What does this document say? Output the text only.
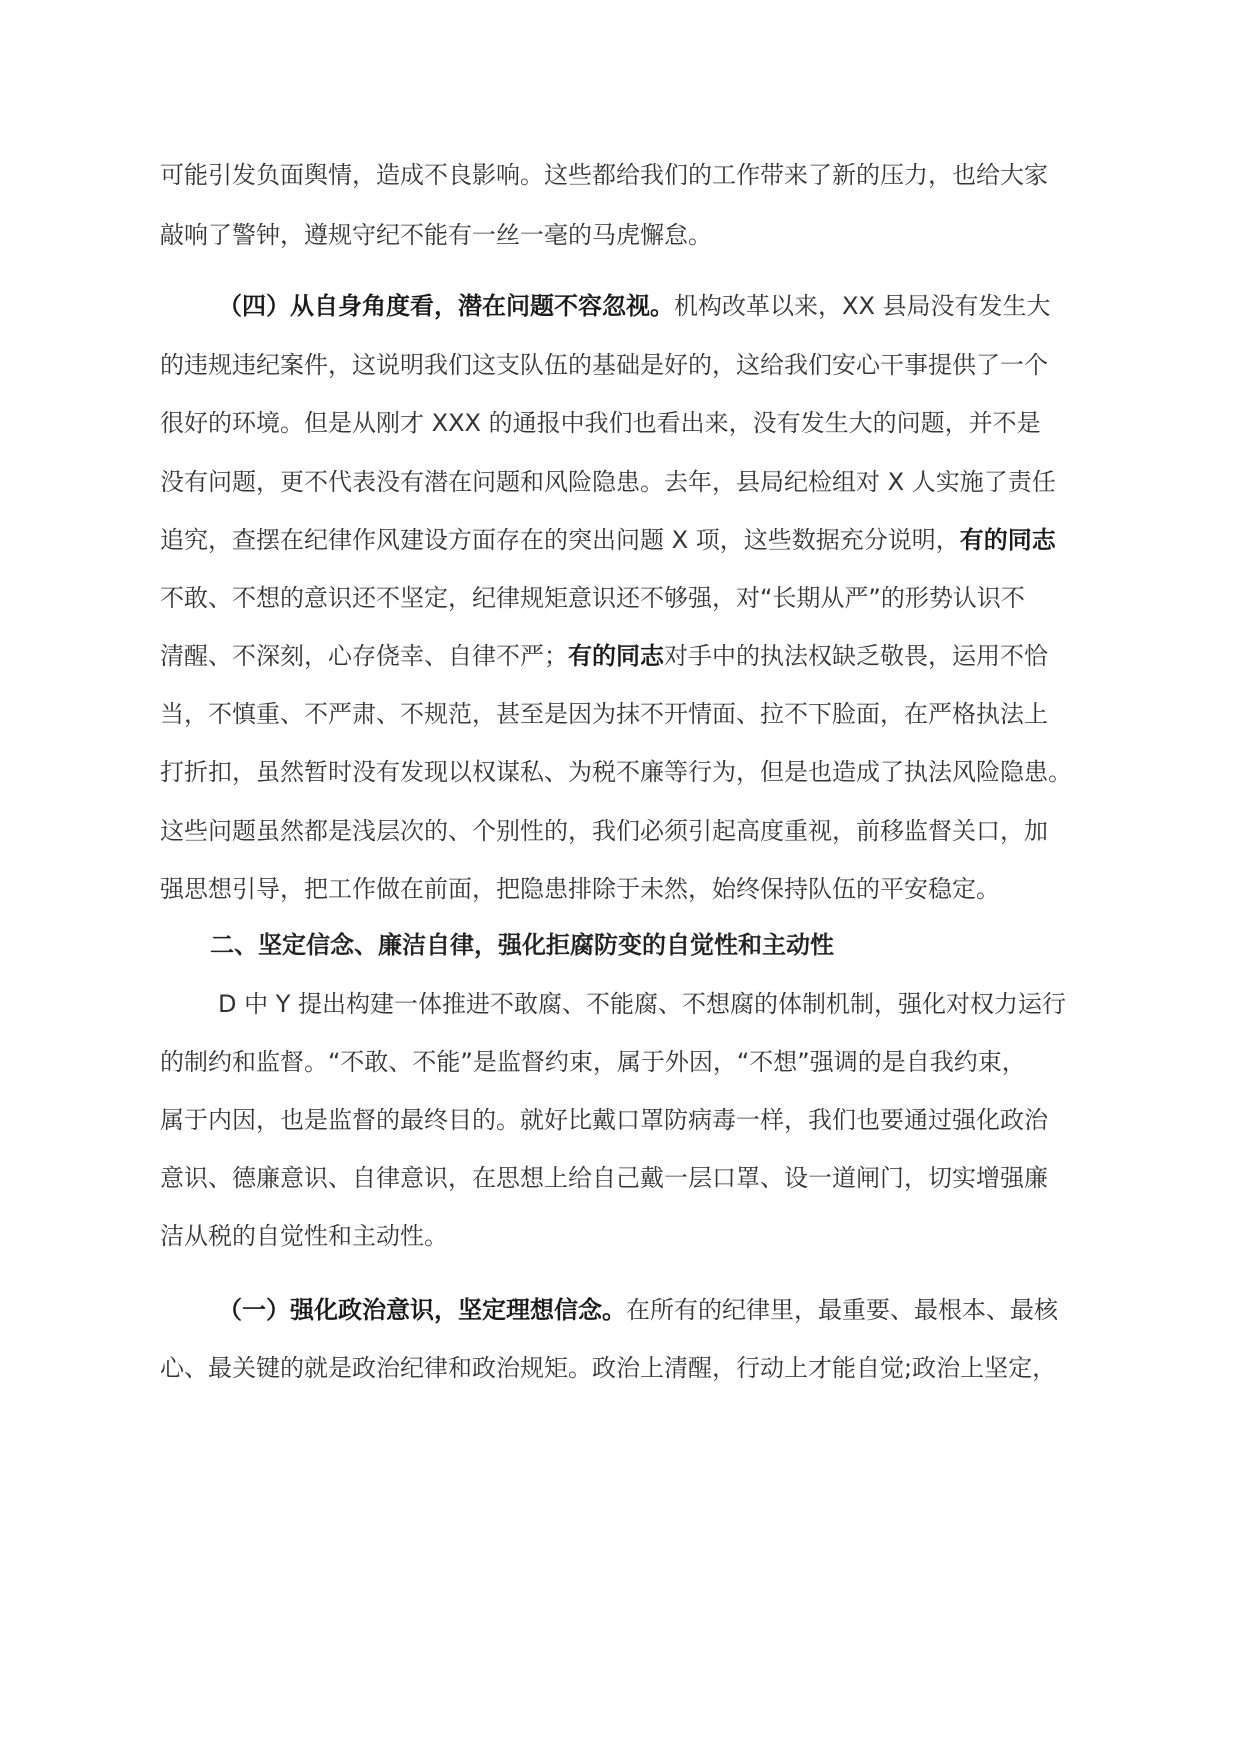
可能引发负面舆情，造成不良影响。这些都给我们的工作带来了新的压力，也给大家
敲响了警钟，遵规守纪不能有一丝一毫的马虎懈怠。
（四）从自身角度看，潜在问题不容忽视。机构改革以来，XX 县局没有发生大
的违规违纪案件，这说明我们这支队伍的基础是好的，这给我们安心干事提供了一个
很好的环境。但是从刚才 XXX 的通报中我们也看出来，没有发生大的问题，并不是
没有问题，更不代表没有潜在问题和风险隐患。去年，县局纪检组对 X 人实施了责任
追究，查摆在纪律作风建设方面存在的突出问题 X 项，这些数据充分说明，有的同志
不敢、不想的意识还不坚定，纪律规矩意识还不够强，对“长期从严”的形势认识不
清醒、不深刻，心存侥幸、自律不严；有的同志对手中的执法权缺乏敬畏，运用不恰
当，不慎重、不严肃、不规范，甚至是因为抹不开情面、拉不下脸面，在严格执法上
打折扣，虽然暂时没有发现以权谋私、为税不廉等行为，但是也造成了执法风险隐患。
这些问题虽然都是浅层次的、个别性的，我们必须引起高度重视，前移监督关口，加
强思想引导，把工作做在前面，把隐患排除于未然，始终保持队伍的平安稳定。
二、坚定信念、廉洁自律，强化拒腐防变的自觉性和主动性
D 中 Y 提出构建一体推进不敢腐、不能腐、不想腐的体制机制，强化对权力运行
的制约和监督。“不敢、不能”是监督约束，属于外因，“不想”强调的是自我约束，
属于内因，也是监督的最终目的。就好比戴口罩防病毒一样，我们也要通过强化政治
意识、德廉意识、自律意识，在思想上给自己戴一层口罩、设一道闸门，切实增强廉
洁从税的自觉性和主动性。
（一）强化政治意识，坚定理想信念。在所有的纪律里，最重要、最根本、最核
心、最关键的就是政治纪律和政治规矩。政治上清醒，行动上才能自觉;政治上坚定，
